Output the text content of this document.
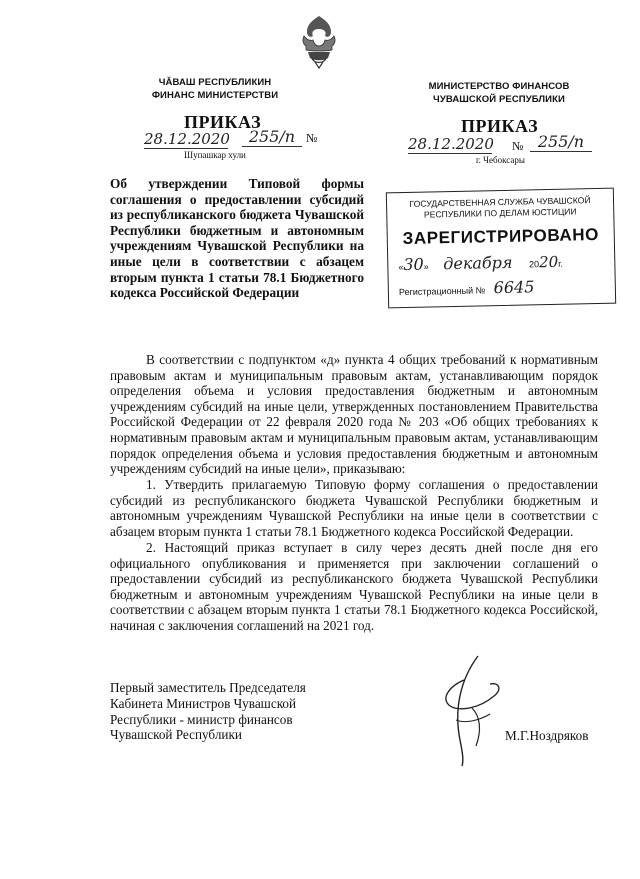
ЧӐВАШ РЕСПУБЛИКИН
ФИНАНС МИНИСТЕРСТВИ
МИНИСТЕРСТВО ФИНАНСОВ
ЧУВАШСКОЙ РЕСПУБЛИКИ
ПРИКАЗ
28.12.2020	255/п №
Шупашкар хули
ПРИКАЗ
28.12.2020 № 255/п
г. Чебоксары
Об утверждении Типовой формы соглашения о предоставлении субсидий из республиканского бюджета Чувашской Республики бюджетным и автономным учреждениям Чувашской Республики на иные цели в соответствии с абзацем вторым пункта 1 статьи 78.1 Бюджетного кодекса Российской Федерации
ГОСУДАРСТВЕННАЯ СЛУЖБА ЧУВАШСКОЙ
РЕСПУБЛИКИ ПО ДЕЛАМ ЮСТИЦИИ
ЗАРЕГИСТРИРОВАНО
«30» декабря 2020г.
Регистрационный № 6645

В соответствии с подпунктом «д» пункта 4 общих требований к нормативным правовым актам и муниципальным правовым актам, устанавливающим порядок определения объема и условия предоставления бюджетным и автономным учреждениям субсидий на иные цели, утвержденных постановлением Правительства Российской Федерации от 22 февраля 2020 года № 203 «Об общих требованиях к нормативным правовым актам и муниципальным правовым актам, устанавливающим порядок определения объема и условия предоставления бюджетным и автономным учреждениям субсидий на иные цели», приказываю:

1. Утвердить прилагаемую Типовую форму соглашения о предоставлении субсидий из республиканского бюджета Чувашской Республики бюджетным и автономным учреждениям Чувашской Республики на иные цели в соответствии с абзацем вторым пункта 1 статьи 78.1 Бюджетного кодекса Российской Федерации.

2. Настоящий приказ вступает в силу через десять дней после дня его официального опубликования и применяется при заключении соглашений о предоставлении субсидий из республиканского бюджета Чувашской Республики бюджетным и автономным учреждениям Чувашской Республики на иные цели в соответствии с абзацем вторым пункта 1 статьи 78.1 Бюджетного кодекса Российской, начиная с заключения соглашений на 2021 год.

Первый заместитель Председателя
Кабинета Министров Чувашской
Республики - министр финансов
Чувашской Республики	М.Г.Ноздряков
